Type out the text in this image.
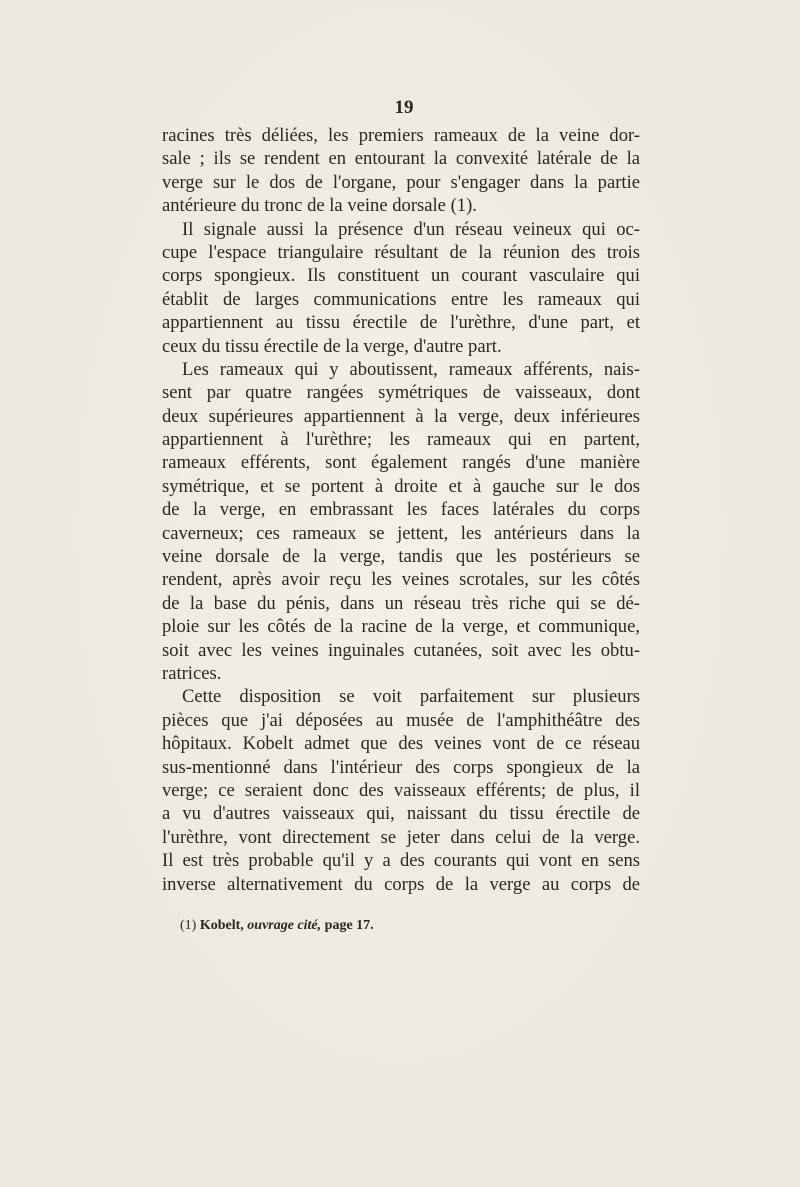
19
racines très déliées, les premiers rameaux de la veine dor-
sale ; ils se rendent en entourant la convexité latérale de la
verge sur le dos de l'organe, pour s'engager dans la partie
antérieure du tronc de la veine dorsale (1).
Il signale aussi la présence d'un réseau veineux qui oc-
cupe l'espace triangulaire résultant de la réunion des trois
corps spongieux. Ils constituent un courant vasculaire qui
établit de larges communications entre les rameaux qui
appartiennent au tissu érectile de l'urèthre, d'une part, et
ceux du tissu érectile de la verge, d'autre part.
Les rameaux qui y aboutissent, rameaux afférents, nais-
sent par quatre rangées symétriques de vaisseaux, dont
deux supérieures appartiennent à la verge, deux inférieures
appartiennent à l'urèthre; les rameaux qui en partent,
rameaux efférents, sont également rangés d'une manière
symétrique, et se portent à droite et à gauche sur le dos
de la verge, en embrassant les faces latérales du corps
caverneux; ces rameaux se jettent, les antérieurs dans la
veine dorsale de la verge, tandis que les postérieurs se
rendent, après avoir reçu les veines scrotales, sur les côtés
de la base du pénis, dans un réseau très riche qui se dé-
ploie sur les côtés de la racine de la verge, et communique,
soit avec les veines inguinales cutanées, soit avec les obtu-
ratrices.
Cette disposition se voit parfaitement sur plusieurs
pièces que j'ai déposées au musée de l'amphithéâtre des
hôpitaux. Kobelt admet que des veines vont de ce réseau
sus-mentionné dans l'intérieur des corps spongieux de la
verge; ce seraient donc des vaisseaux efférents; de plus, il
a vu d'autres vaisseaux qui, naissant du tissu érectile de
l'urèthre, vont directement se jeter dans celui de la verge.
Il est très probable qu'il y a des courants qui vont en sens
inverse alternativement du corps de la verge au corps de
(1) Kobelt, ouvrage cité, page 17.
